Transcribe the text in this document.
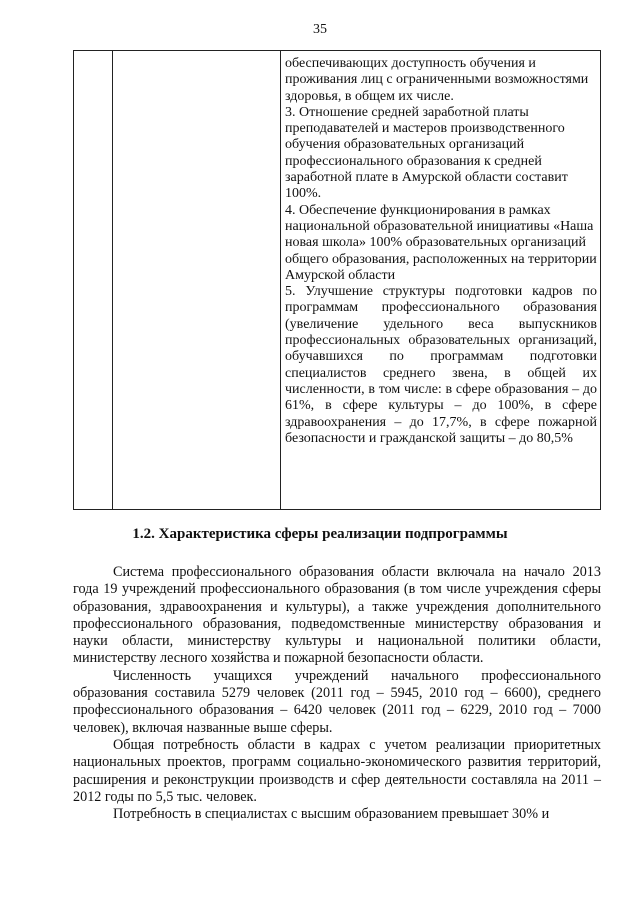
35

обеспечивающих доступность обучения и проживания лиц с ограниченными возможностями здоровья, в общем их числе.

3. Отношение средней заработной платы преподавателей и мастеров производственного обучения образовательных организаций профессионального образования к средней заработной плате в Амурской области составит 100%.

4. Обеспечение функционирования в рамках национальной образовательной инициативы «Наша новая школа» 100% образовательных организаций общего образования, расположенных на территории Амурской области

5. Улучшение структуры подготовки кадров по программам профессионального образования (увеличение удельного веса выпускников профессиональных образовательных организаций, обучавшихся по программам подготовки специалистов среднего звена, в общей их численности, в том числе: в сфере образования – до 61%, в сфере культуры – до 100%, в сфере здравоохранения – до 17,7%, в сфере пожарной безопасности и гражданской защиты – до 80,5%

1.2. Характеристика сферы реализации подпрограммы

Система профессионального образования области включала на начало 2013 года 19 учреждений профессионального образования (в том числе учреждения сферы образования, здравоохранения и культуры), а также учреждения дополнительного профессионального образования, подведомственные министерству образования и науки области, министерству культуры и национальной политики области, министерству лесного хозяйства и пожарной безопасности области.

Численность учащихся учреждений начального профессионального образования составила 5279 человек (2011 год – 5945, 2010 год – 6600), среднего профессионального образования – 6420 человек (2011 год – 6229, 2010 год – 7000 человек), включая названные выше сферы.

Общая потребность области в кадрах с учетом реализации приоритетных национальных проектов, программ социально-экономического развития территорий, расширения и реконструкции производств и сфер деятельности составляла на 2011 – 2012 годы по 5,5 тыс. человек.

Потребность в специалистах с высшим образованием превышает 30% и
